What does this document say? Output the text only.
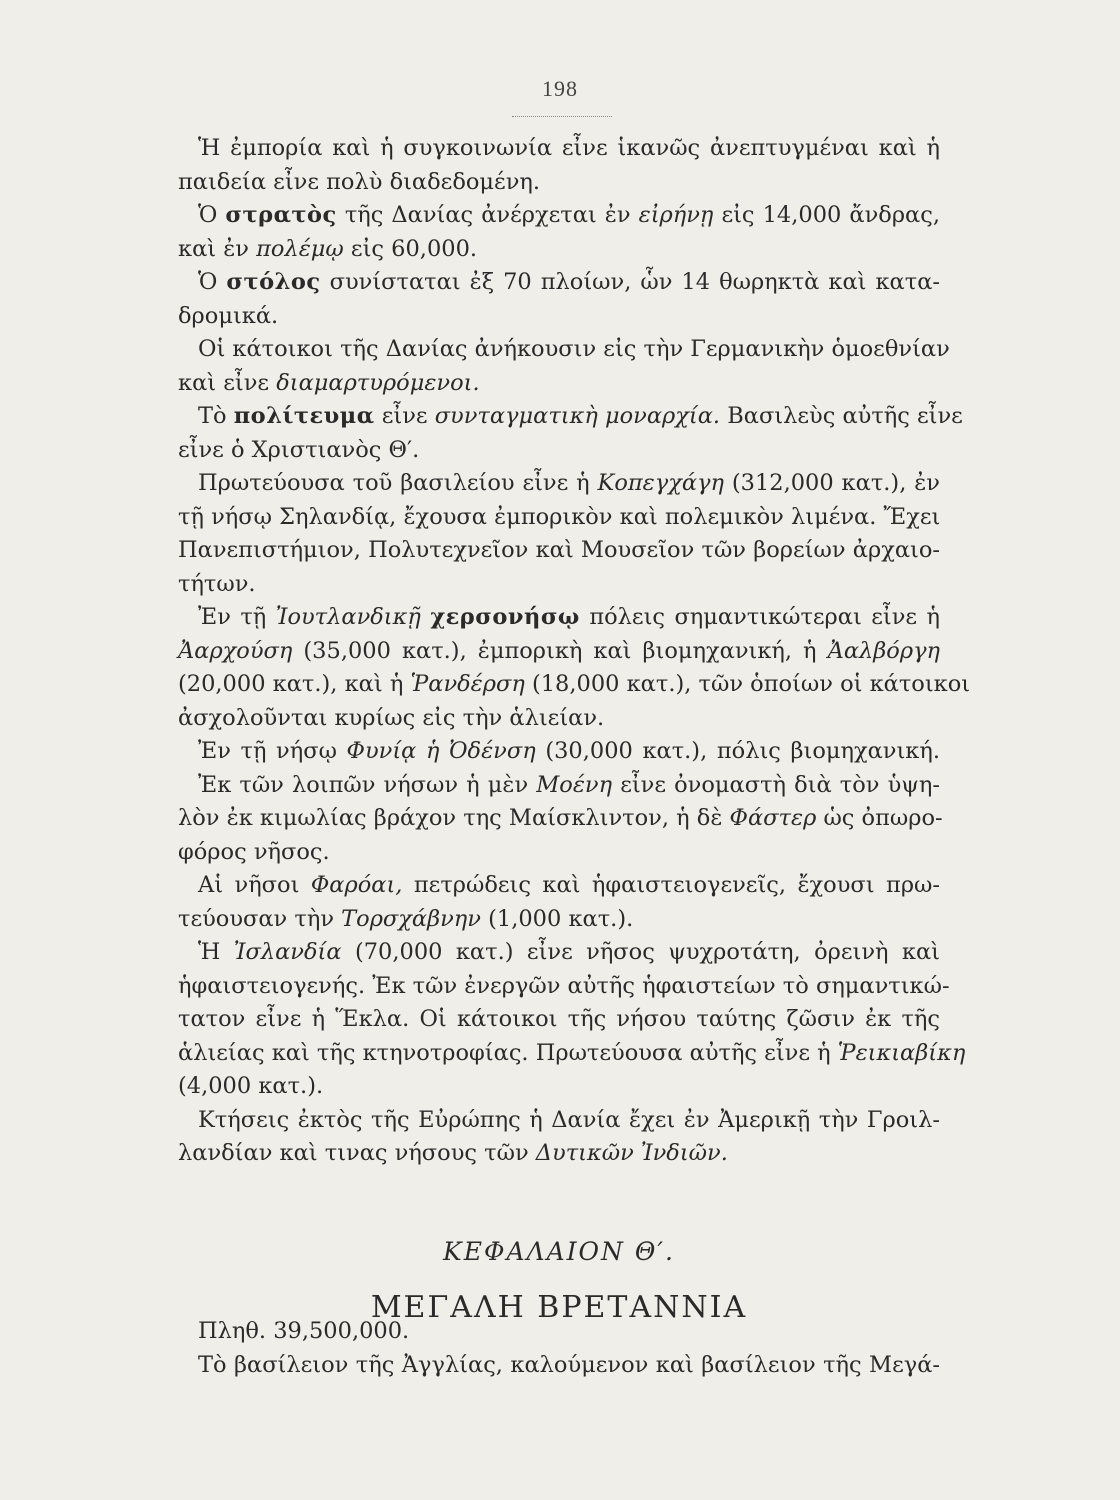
198
Ἡ ἐμπορία καὶ ἡ συγκοινωνία εἶνε ἱκανῶς ἀνεπτυγμέναι καὶ ἡ
παιδεία εἶνε πολὺ διαδεδομένη.
Ὁ στρατὸς τῆς Δανίας ἀνέρχεται ἐν εἰρήνῃ εἰς 14,000 ἄνδρας,
καὶ ἐν πολέμῳ εἰς 60,000.
Ὁ στόλος συνίσταται ἐξ 70 πλοίων, ὧν 14 θωρηκτὰ καὶ κατα-
δρομικά.
Οἱ κάτοικοι τῆς Δανίας ἀνήκουσιν εἰς τὴν Γερμανικὴν ὁμοεθνίαν
καὶ εἶνε διαμαρτυρόμενοι.
Τὸ πολίτευμα εἶνε συνταγματικὴ μοναρχία. Βασιλεὺς αὐτῆς εἶνε
εἶνε ὁ Χριστιανὸς Θ′.
Πρωτεύουσα τοῦ βασιλείου εἶνε ἡ Κοπεγχάγη (312,000 κατ.), ἐν
τῇ νήσῳ Σηλανδίᾳ, ἔχουσα ἐμπορικὸν καὶ πολεμικὸν λιμένα. Ἔχει
Πανεπιστήμιον, Πολυτεχνεῖον καὶ Μουσεῖον τῶν βορείων ἀρχαιο-
τήτων.
Ἐν τῇ Ἰουτλανδικῇ χερσονήσῳ πόλεις σημαντικώτεραι εἶνε ἡ
Ἀαρχούση (35,000 κατ.), ἐμπορικὴ καὶ βιομηχανική, ἡ Ἀαλβόργη
(20,000 κατ.), καὶ ἡ Ῥανδέρση (18,000 κατ.), τῶν ὁποίων οἱ κάτοικοι
ἀσχολοῦνται κυρίως εἰς τὴν ἁλιείαν.
Ἐν τῇ νήσῳ Φυνίᾳ ἡ Ὀδένση (30,000 κατ.), πόλις βιομηχανική.
Ἐκ τῶν λοιπῶν νήσων ἡ μὲν Μοένη εἶνε ὀνομαστὴ διὰ τὸν ὑψη-
λὸν ἐκ κιμωλίας βράχον της Μαίσκλιντον, ἡ δὲ Φάστερ ὡς ὀπωρο-
φόρος νῆσος.
Αἱ νῆσοι Φαρόαι, πετρώδεις καὶ ἡφαιστειογενεῖς, ἔχουσι πρω-
τεύουσαν τὴν Τορσχάβνην (1,000 κατ.).
Ἡ Ἰσλανδία (70,000 κατ.) εἶνε νῆσος ψυχροτάτη, ὀρεινὴ καὶ
ἡφαιστειογενής. Ἐκ τῶν ἐνεργῶν αὐτῆς ἡφαιστείων τὸ σημαντικώ-
τατον εἶνε ἡ Ἕκλα. Οἱ κάτοικοι τῆς νήσου ταύτης ζῶσιν ἐκ τῆς
ἁλιείας καὶ τῆς κτηνοτροφίας. Πρωτεύουσα αὐτῆς εἶνε ἡ Ῥεικιαβίκη
(4,000 κατ.).
Κτήσεις ἐκτὸς τῆς Εὐρώπης ἡ Δανία ἔχει ἐν Ἀμερικῇ τὴν Γροιλ-
λανδίαν καὶ τινας νήσους τῶν Δυτικῶν Ἰνδιῶν.
ΚΕΦΑΛΑΙΟΝ Θ′.
ΜΕΓΑΛΗ ΒΡΕΤΑΝΝΙΑ
Πληθ. 39,500,000.
Τὸ βασίλειον τῆς Ἀγγλίας, καλούμενον καὶ βασίλειον τῆς Μεγά-
